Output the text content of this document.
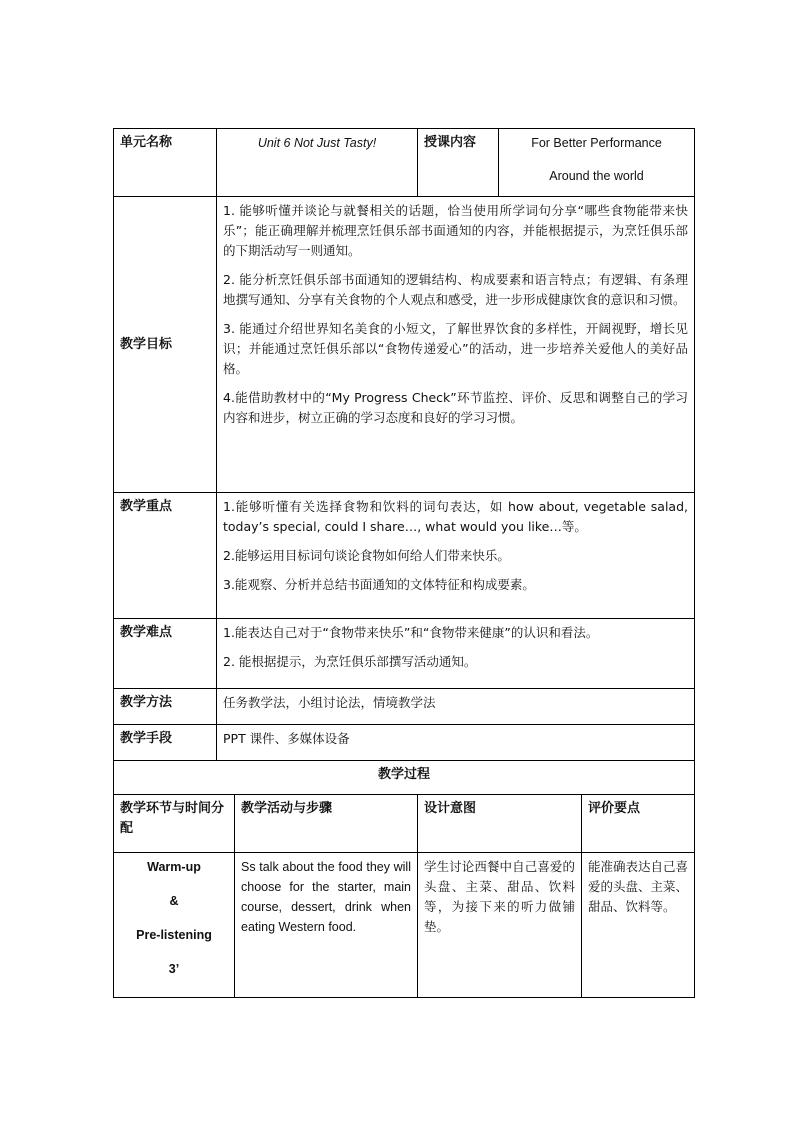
单元名称	Unit 6 Not Just Tasty!		授课内容	For Better Performance
Around the world	

教学目标	1. 能够听懂并谈论与就餐相关的话题，恰当使用所学词句分享“哪些食物能带来快乐”；能正确理解并梳理烹饪俱乐部书面通知的内容，并能根据提示，为烹饪俱乐部的下期活动写一则通知。

2. 能分析烹饪俱乐部书面通知的逻辑结构、构成要素和语言特点；有逻辑、有条理地撰写通知、分享有关食物的个人观点和感受，进一步形成健康饮食的意识和习惯。

3. 能通过介绍世界知名美食的小短文，了解世界饮食的多样性，开阔视野，增长见识；并能通过烹饪俱乐部以“食物传递爱心”的活动，进一步培养关爱他人的美好品格。

4.能借助教材中的“My Progress Check”环节监控、评价、反思和调整自己的学习内容和进步，树立正确的学习态度和良好的学习习惯。				

教学重点	1.能够听懂有关选择食物和饮料的词句表达，如 how about, vegetable salad, today’s special, could I share…, what would you like…等。

2.能够运用目标词句谈论食物如何给人们带来快乐。

3.能观察、分析并总结书面通知的文体特征和构成要素。				

教学难点	1.能表达自己对于“食物带来快乐”和“食物带来健康”的认识和看法。

2. 能根据提示，为烹饪俱乐部撰写活动通知。				

教学方法	任务教学法，小组讨论法，情境教学法				
教学手段	PPT 课件、多媒体设备				
教学过程					
教学环节与时间分配		教学活动与步骤	设计意图		评价要点

Warm-up
&
Pre-listening
3’		Ss talk about the food they will choose for the starter, main course, dessert, drink when eating Western food.	学生讨论西餐中自己喜爱的头盘、主菜、甜品、饮料等，为接下来的听力做铺垫。		能准确表达自己喜爱的头盘、主菜、甜品、饮料等。
